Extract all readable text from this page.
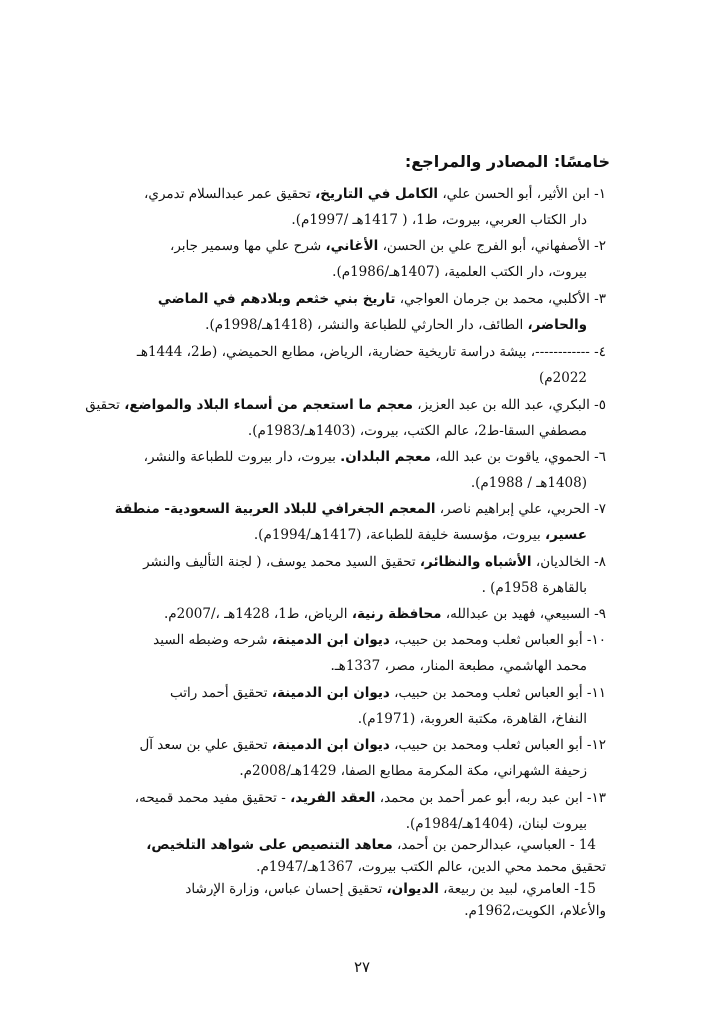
خامسًا: المصادر والمراجع:
١- ابن الأثير، أبو الحسن علي، الكامل في التاريخ، تحقيق عمر عبدالسلام تدمري،
دار الكتاب العربي، بيروت، ط1، ( 1417هـ /1997م).
٢- الأصفهاني، أبو الفرج علي بن الحسن، الأغاني، شرح علي مها وسمير جابر،
بيروت، دار الكتب العلمية، (1407هـ/1986م).
٣- الأكلبي، محمد بن جرمان العواجي، تاريخ بني خثعم وبلادهم في الماضي
والحاضر، الطائف، دار الحارثي للطباعة والنشر، (1418هـ/1998م).
٤- ------------، بيشة دراسة تاريخية حضارية، الرياض، مطابع الحميضي، (ط2، 1444هـ
2022م)
٥- البكري، عبد الله بن عبد العزيز، معجم ما استعجم من أسماء البلاد والمواضع، تحقيق
مصطفي السقا-ط2، عالم الكتب، بيروت، (1403هـ/1983م).
٦- الحموي، ياقوت بن عبد الله، معجم البلدان. بيروت، دار بيروت للطباعة والنشر،
(1408هـ / 1988م).
٧- الحربي، علي إبراهيم ناصر، المعجم الجغرافي للبلاد العربية السعودية- منطقة
عسير، بيروت، مؤسسة خليفة للطباعة، (1417هـ/1994م).
٨- الخالديان، الأشباه والنظائر، تحقيق السيد محمد يوسف، ( لجنة التأليف والنشر
بالقاهرة 1958م) .
٩- السبيعي، فهيد بن عبدالله، محافظة رنية، الرياض، ط1، 1428هـ ،/2007م.
١٠- أبو العباس ثعلب ومحمد بن حبيب، ديوان ابن الدمينة، شرحه وضبطه السيد
محمد الهاشمي، مطبعة المنار، مصر، 1337هـ.
١١- أبو العباس ثعلب ومحمد بن حبيب، ديوان ابن الدمينة، تحقيق أحمد راتب
النفاخ، القاهرة، مكتبة العروبة، (1971م).
١٢- أبو العباس ثعلب ومحمد بن حبيب، ديوان ابن الدمينة، تحقيق علي بن سعد آل
زحيفة الشهراني، مكة المكرمة مطابع الصفا، 1429هـ/2008م.
١٣- ابن عبد ربه، أبو عمر أحمد بن محمد، العقد الفريد، - تحقيق مفيد محمد قميحه،
بيروت لبنان، (1404هـ/1984م).
14 - العباسي، عبدالرحمن بن أحمد، معاهد التنصيص على شواهد التلخيص،
تحقيق محمد محي الدين، عالم الكتب بيروت، 1367هـ/1947م.
15- العامري، لبيد بن ربيعة، الديوان، تحقيق إحسان عباس، وزارة الإرشاد
والأعلام، الكويت،1962م.
٢٧
